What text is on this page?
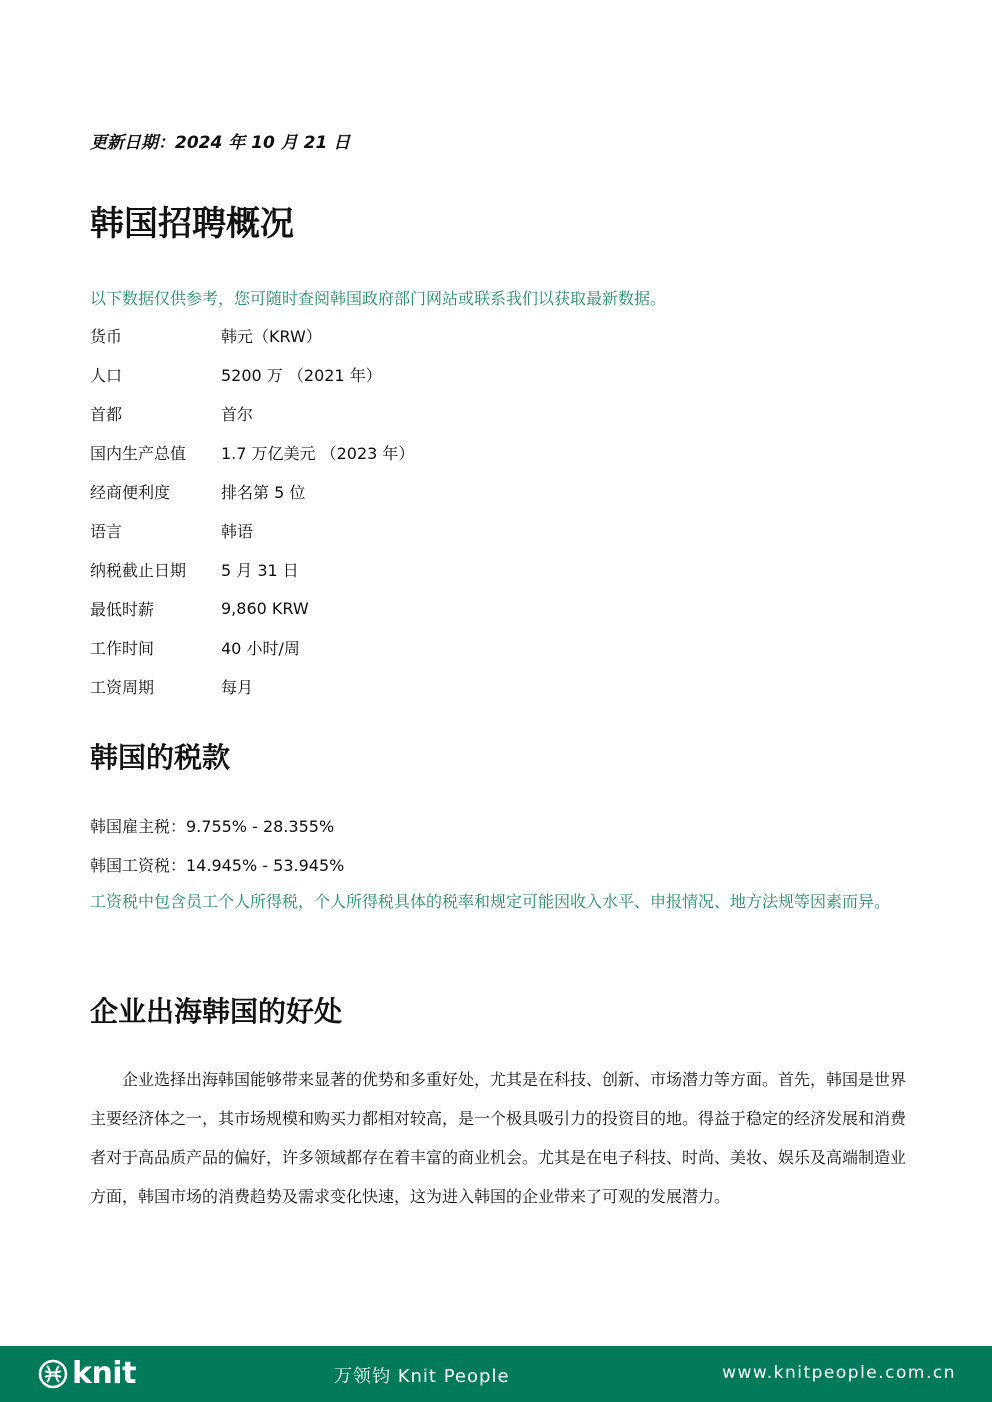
更新日期：2024 年 10 月 21 日
韩国招聘概况
以下数据仅供参考，您可随时查阅韩国政府部门网站或联系我们以获取最新数据。
货币	韩元（KRW）
人口	5200 万 （2021 年）
首都	首尔
国内生产总值	1.7 万亿美元 （2023 年）
经商便利度	排名第 5 位
语言	韩语
纳税截止日期	5 月 31 日
最低时薪	9,860 KRW
工作时间	40 小时/周
工资周期	每月
韩国的税款
韩国雇主税：9.755% - 28.355%
韩国工资税：14.945% - 53.945%
工资税中包含员工个人所得税，个人所得税具体的税率和规定可能因收入水平、申报情况、地方法规等因素而异。
企业出海韩国的好处
企业选择出海韩国能够带来显著的优势和多重好处，尤其是在科技、创新、市场潜力等方面。首先，韩国是世界主要经济体之一，其市场规模和购买力都相对较高，是一个极具吸引力的投资目的地。得益于稳定的经济发展和消费者对于高品质产品的偏好，许多领域都存在着丰富的商业机会。尤其是在电子科技、时尚、美妆、娱乐及高端制造业方面，韩国市场的消费趋势及需求变化快速，这为进入韩国的企业带来了可观的发展潜力。
knit	万领钧 Knit People	www.knitpeople.com.cn
